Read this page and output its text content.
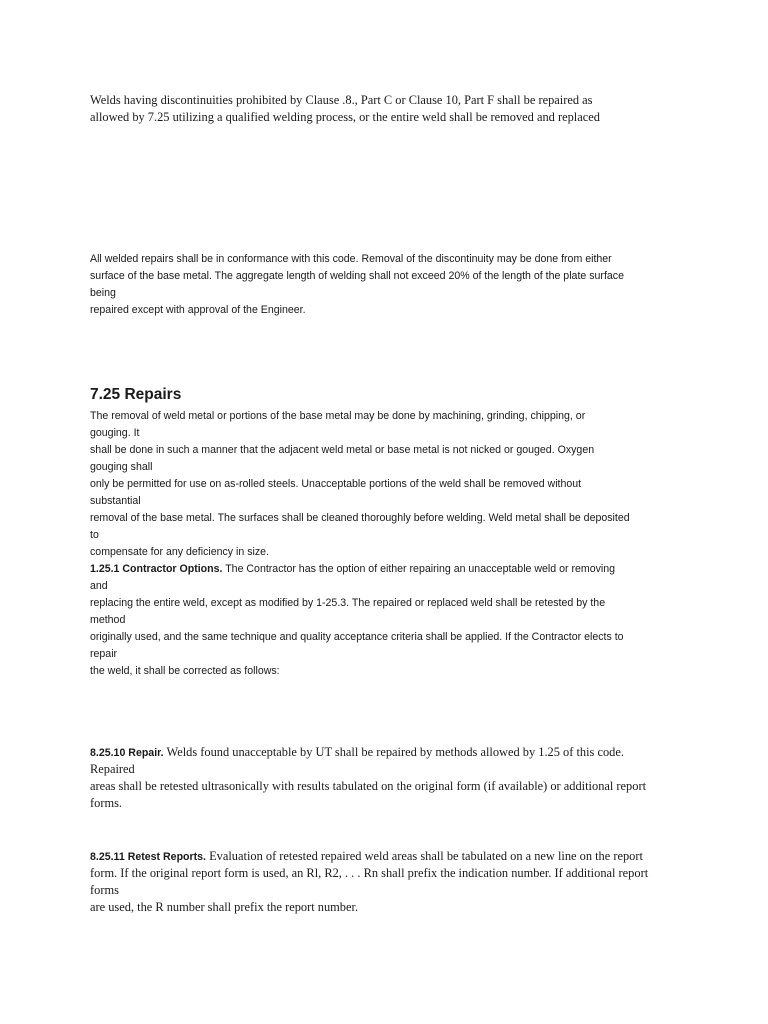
Welds having discontinuities prohibited by Clause .8., Part C or Clause 10, Part F shall be repaired as
allowed by 7.25 utilizing a qualified welding process, or the entire weld shall be removed and replaced
All welded repairs shall be in conformance with this code. Removal of the discontinuity may be done from either
surface of the base metal. The aggregate length of welding shall not exceed 20% of the length of the plate surface
being
repaired except with approval of the Engineer.
7.25 Repairs
The removal of weld metal or portions of the base metal may be done by machining, grinding, chipping, or
gouging. It
shall be done in such a manner that the adjacent weld metal or base metal is not nicked or gouged. Oxygen
gouging shall
only be permitted for use on as-rolled steels. Unacceptable portions of the weld shall be removed without
substantial
removal of the base metal. The surfaces shall be cleaned thoroughly before welding. Weld metal shall be deposited
to
compensate for any deficiency in size.
1.25.1 Contractor Options. The Contractor has the option of either repairing an unacceptable weld or removing
and
replacing the entire weld, except as modified by 1-25.3. The repaired or replaced weld shall be retested by the
method
originally used, and the same technique and quality acceptance criteria shall be applied. If the Contractor elects to
repair
the weld, it shall be corrected as follows:
8.25.10 Repair. Welds found unacceptable by UT shall be repaired by methods allowed by 1.25 of this code.
Repaired
areas shall be retested ultrasonically with results tabulated on the original form (if available) or additional report
forms.
8.25.11 Retest Reports. Evaluation of retested repaired weld areas shall be tabulated on a new line on the report
form. If the original report form is used, an Rl, R2, . . . Rn shall prefix the indication number. If additional report
forms
are used, the R number shall prefix the report number.
